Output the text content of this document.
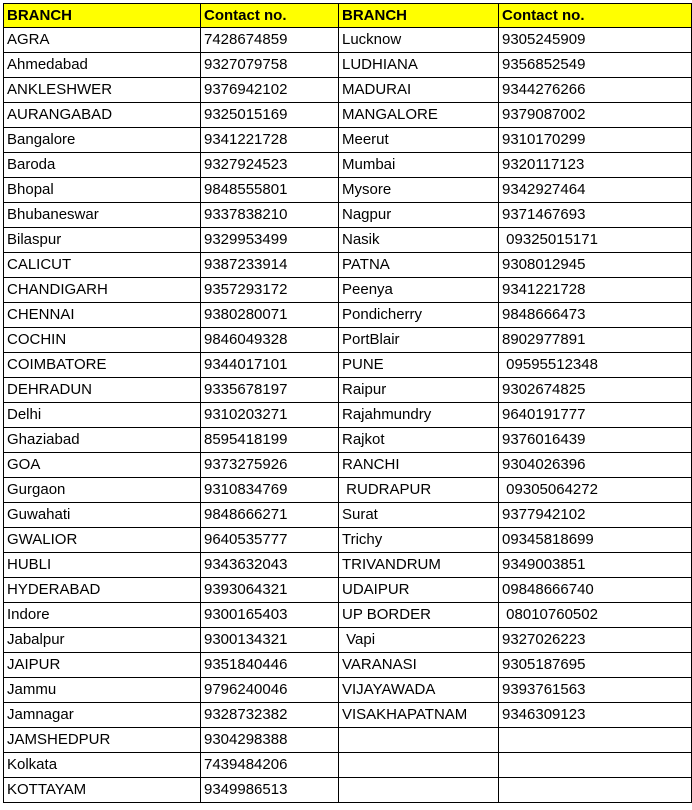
BRANCH	Contact no.	BRANCH	Contact no.
AGRA	7428674859	Lucknow	9305245909
Ahmedabad	9327079758	LUDHIANA	9356852549
ANKLESHWER	9376942102	MADURAI	9344276266
AURANGABAD	9325015169	MANGALORE	9379087002
Bangalore	9341221728	Meerut	9310170299
Baroda	9327924523	Mumbai	9320117123
Bhopal	9848555801	Mysore	9342927464
Bhubaneswar	9337838210	Nagpur	9371467693
Bilaspur	9329953499	Nasik	09325015171
CALICUT	9387233914	PATNA	9308012945
CHANDIGARH	9357293172	Peenya	9341221728
CHENNAI	9380280071	Pondicherry	9848666473
COCHIN	9846049328	PortBlair	8902977891
COIMBATORE	9344017101	PUNE	09595512348
DEHRADUN	9335678197	Raipur	9302674825
Delhi	9310203271	Rajahmundry	9640191777
Ghaziabad	8595418199	Rajkot	9376016439
GOA	9373275926	RANCHI	9304026396
Gurgaon	9310834769	RUDRAPUR	09305064272
Guwahati	9848666271	Surat	9377942102
GWALIOR	9640535777	Trichy	09345818699
HUBLI	9343632043	TRIVANDRUM	9349003851
HYDERABAD	9393064321	UDAIPUR	09848666740
Indore	9300165403	UP BORDER	08010760502
Jabalpur	9300134321	Vapi	9327026223
JAIPUR	9351840446	VARANASI	9305187695
Jammu	9796240046	VIJAYAWADA	9393761563
Jamnagar	9328732382	VISAKHAPATNAM	9346309123
JAMSHEDPUR	9304298388		
Kolkata	7439484206		
KOTTAYAM	9349986513		
